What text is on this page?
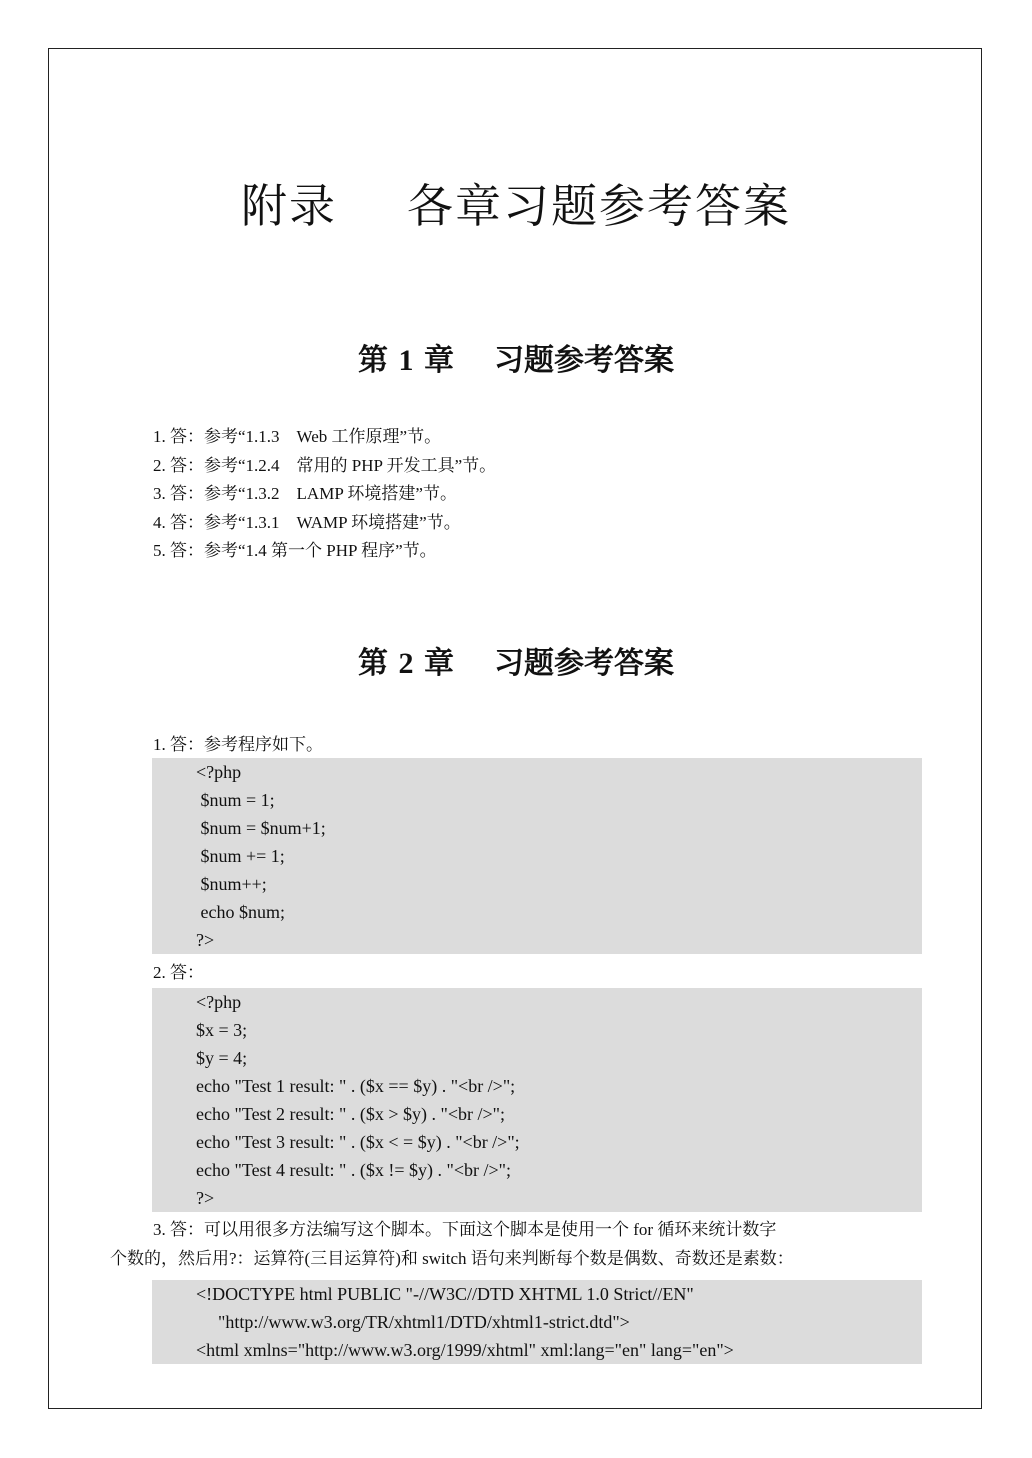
附录 各章习题参考答案
第 1 章 习题参考答案
1. 答：参考“1.1.3　Web 工作原理”节。
2. 答：参考“1.2.4　常用的 PHP 开发工具”节。
3. 答：参考“1.3.2　LAMP 环境搭建”节。
4. 答：参考“1.3.1　WAMP 环境搭建”节。
5. 答：参考“1.4 第一个 PHP 程序”节。
第 2 章 习题参考答案
1. 答：参考程序如下。
<?php
$num = 1;
$num = $num+1;
$num += 1;
$num++;
echo $num;
?>
2. 答：
<?php
$x = 3;
$y = 4;
echo "Test 1 result: " . ($x == $y) . "<br />";
echo "Test 2 result: " . ($x > $y) . "<br />";
echo "Test 3 result: " . ($x < = $y) . "<br />";
echo "Test 4 result: " . ($x != $y) . "<br />";
?>
3. 答：可以用很多方法编写这个脚本。下面这个脚本是使用一个 for 循环来统计数字
个数的，然后用?：运算符(三目运算符)和 switch 语句来判断每个数是偶数、奇数还是素数：
<!DOCTYPE html PUBLIC "-//W3C//DTD XHTML 1.0 Strict//EN"
"http://www.w3.org/TR/xhtml1/DTD/xhtml1-strict.dtd">
<html xmlns="http://www.w3.org/1999/xhtml" xml:lang="en" lang="en">
